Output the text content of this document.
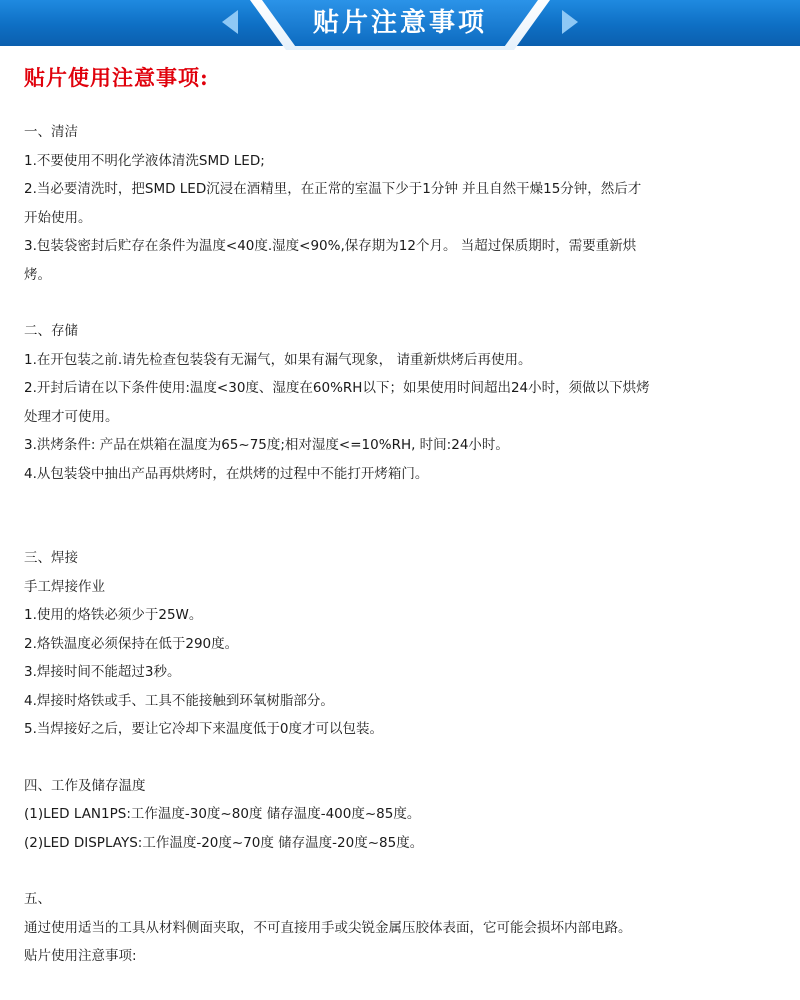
贴片注意事项
贴片使用注意事项:

一、清洁

1.不要使用不明化学液体清洗SMD LED;

2.当必要清洗时，把SMD LED沉浸在酒精里，在正常的室温下少于1分钟 并且自然干燥15分钟，然后才

开始使用。

3.包装袋密封后贮存在条件为温度<40度.湿度<90%,保存期为12个月。 当超过保质期时，需要重新烘

烤。

二、存储

1.在开包装之前.请先检查包装袋有无漏气，如果有漏气现象， 请重新烘烤后再使用。

2.开封后请在以下条件使用:温度<30度、湿度在60%RH以下；如果使用时间超出24小时，须做以下烘烤

处理才可使用。

3.洪烤条件: 产品在烘箱在温度为65~75度;相对湿度<=10%RH, 时间:24小时。

4.从包装袋中抽出产品再烘烤时，在烘烤的过程中不能打开烤箱门。

三、焊接

手工焊接作业

1.使用的烙铁必须少于25W。

2.烙铁温度必须保持在低于290度。

3.焊接时间不能超过3秒。

4.焊接时烙铁或手、工具不能接触到环氧树脂部分。

5.当焊接好之后，要让它冷却下来温度低于0度才可以包装。

四、工作及储存温度

(1)LED LAN1PS:工作温度-30度~80度 储存温度-400度~85度。

(2)LED DISPLAYS:工作温度-20度~70度 储存温度-20度~85度。

五、

通过使用适当的工具从材料侧面夹取，不可直接用手或尖锐金属压胶体表面，它可能会损坏内部电路。

贴片使用注意事项:
